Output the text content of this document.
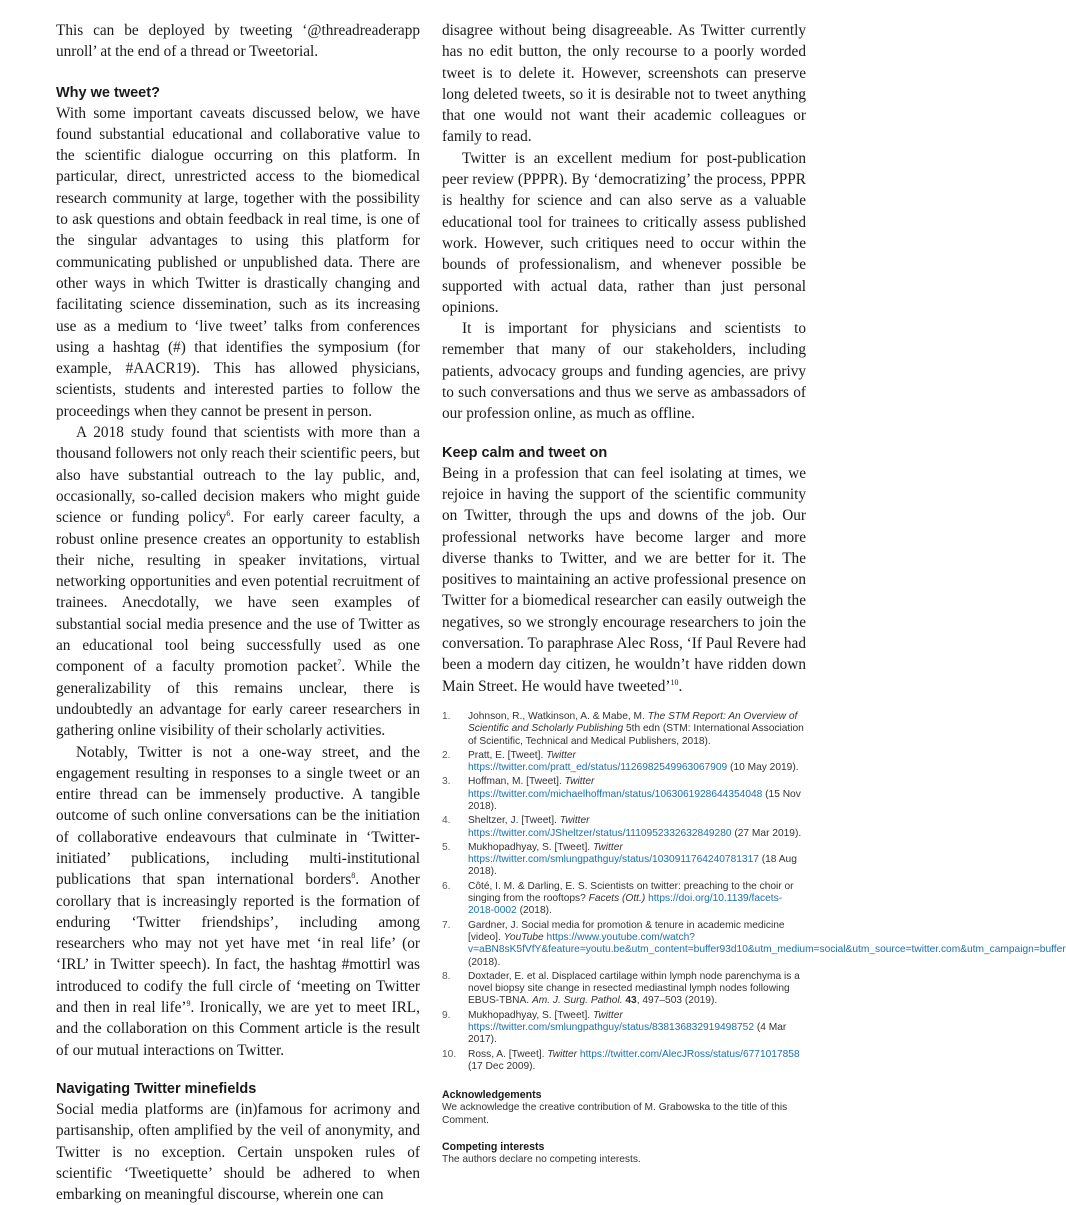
This can be deployed by tweeting ‘@threadreaderapp unroll’ at the end of a thread or Tweetorial.

Why we tweet?

With some important caveats discussed below, we have found substantial educational and collaborative value to the scientific dialogue occurring on this platform. In particular, direct, unrestricted access to the biomedical research community at large, together with the possibility to ask questions and obtain feedback in real time, is one of the singular advantages to using this platform for communicating published or unpublished data. There are other ways in which Twitter is drastically changing and facilitating science dissemination, such as its increasing use as a medium to ‘live tweet’ talks from conferences using a hashtag (#) that identifies the symposium (for example, #AACR19). This has allowed physicians, scientists, students and interested parties to follow the proceedings when they cannot be present in person.

A 2018 study found that scientists with more than a thousand followers not only reach their scientific peers, but also have substantial outreach to the lay public, and, occasionally, so-called decision makers who might guide science or funding policy$^6$. For early career faculty, a robust online presence creates an opportunity to establish their niche, resulting in speaker invitations, virtual networking opportunities and even potential recruitment of trainees. Anecdotally, we have seen examples of substantial social media presence and the use of Twitter as an educational tool being successfully used as one component of a faculty promotion packet$^7$. While the generalizability of this remains unclear, there is undoubtedly an advantage for early career researchers in gathering online visibility of their scholarly activities.

Notably, Twitter is not a one-way street, and the engagement resulting in responses to a single tweet or an entire thread can be immensely productive. A tangible outcome of such online conversations can be the initiation of collaborative endeavours that culminate in ‘Twitter-initiated’ publications, including multi-institutional publications that span international borders$^8$. Another corollary that is increasingly reported is the formation of enduring ‘Twitter friendships’, including among researchers who may not yet have met ‘in real life’ (or ‘IRL’ in Twitter speech). In fact, the hashtag #mottirl was introduced to codify the full circle of ‘meeting on Twitter and then in real life’$^9$. Ironically, we are yet to meet IRL, and the collaboration on this Comment article is the result of our mutual interactions on Twitter.

Navigating Twitter minefields

Social media platforms are (in)famous for acrimony and partisanship, often amplified by the veil of anonymity, and Twitter is no exception. Certain unspoken rules of scientific ‘Tweetiquette’ should be adhered to when embarking on meaningful discourse, wherein one can

disagree without being disagreeable. As Twitter currently has no edit button, the only recourse to a poorly worded tweet is to delete it. However, screenshots can preserve long deleted tweets, so it is desirable not to tweet anything that one would not want their academic colleagues or family to read.

Twitter is an excellent medium for post-publication peer review (PPPR). By ‘democratizing’ the process, PPPR is healthy for science and can also serve as a valuable educational tool for trainees to critically assess published work. However, such critiques need to occur within the bounds of professionalism, and whenever possible be supported with actual data, rather than just personal opinions.

It is important for physicians and scientists to remember that many of our stakeholders, including patients, advocacy groups and funding agencies, are privy to such conversations and thus we serve as ambassadors of our profession online, as much as offline.

Keep calm and tweet on

Being in a profession that can feel isolating at times, we rejoice in having the support of the scientific community on Twitter, through the ups and downs of the job. Our professional networks have become larger and more diverse thanks to Twitter, and we are better for it. The positives to maintaining an active professional presence on Twitter for a biomedical researcher can easily outweigh the negatives, so we strongly encourage researchers to join the conversation. To paraphrase Alec Ross, ‘If Paul Revere had been a modern day citizen, he wouldn’t have ridden down Main Street. He would have tweeted’$^{10}$.

1.	Johnson, R., Watkinson, A. & Mabe, M. The STM Report: An Overview of Scientific and Scholarly Publishing 5th edn (STM: International Association of Scientific, Technical and Medical Publishers, 2018).
2.	Pratt, E. [Tweet]. Twitter https://twitter.com/pratt_ed/status/1126982549963067909 (10 May 2019).
3.	Hoffman, M. [Tweet]. Twitter https://twitter.com/michaelhoffman/status/1063061928644354048 (15 Nov 2018).
4.	Sheltzer, J. [Tweet]. Twitter https://twitter.com/JSheltzer/status/1110952332632849280 (27 Mar 2019).
5.	Mukhopadhyay, S. [Tweet]. Twitter https://twitter.com/smlungpathguy/status/1030911764240781317 (18 Aug 2018).
6.	Côté, I. M. & Darling, E. S. Scientists on twitter: preaching to the choir or singing from the rooftops? Facets (Ott.) https://doi.org/10.1139/facets-2018-0002 (2018).
7.	Gardner, J. Social media for promotion & tenure in academic medicine [video]. YouTube https://www.youtube.com/watch?v=aBN8sK5fVfY&feature=youtu.be&utm_content=buffer93d10&utm_medium=social&utm_source=twitter.com&utm_campaign=buffer (2018).
8.	Doxtader, E. et al. Displaced cartilage within lymph node parenchyma is a novel biopsy site change in resected mediastinal lymph nodes following EBUS-TBNA. Am. J. Surg. Pathol. 43, 497–503 (2019).
9.	Mukhopadhyay, S. [Tweet]. Twitter https://twitter.com/smlungpathguy/status/838136832919498752 (4 Mar 2017).
10.	Ross, A. [Tweet]. Twitter https://twitter.com/AlecJRoss/status/6771017858 (17 Dec 2009).
Acknowledgements

We acknowledge the creative contribution of M. Grabowska to the title of this Comment.

Competing interests

The authors declare no competing interests.
